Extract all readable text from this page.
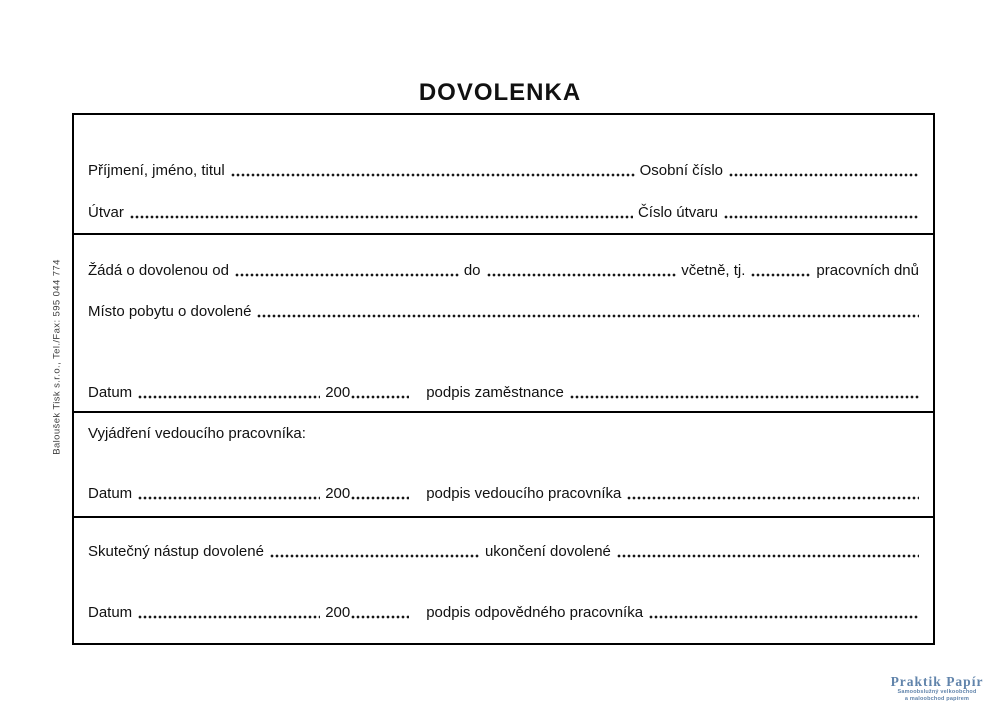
DOVOLENKA
Baloušek Tisk s.r.o., Tel./Fax: 595 044 774
Příjmení, jméno, titul	Osobní číslo
Útvar	Číslo útvaru
Žádá o dovolenou od	do	včetně, tj.	pracovních dnů
Místo pobytu o dovolené
Datum	200	podpis zaměstnance
Vyjádření vedoucího pracovníka:
Datum	200	podpis vedoucího pracovníka
Skutečný nástup dovolené	ukončení dovolené
Datum	200	podpis odpovědného pracovníka
Praktik Papír
Samoobslužný velkoobchod
a maloobchod papírem
